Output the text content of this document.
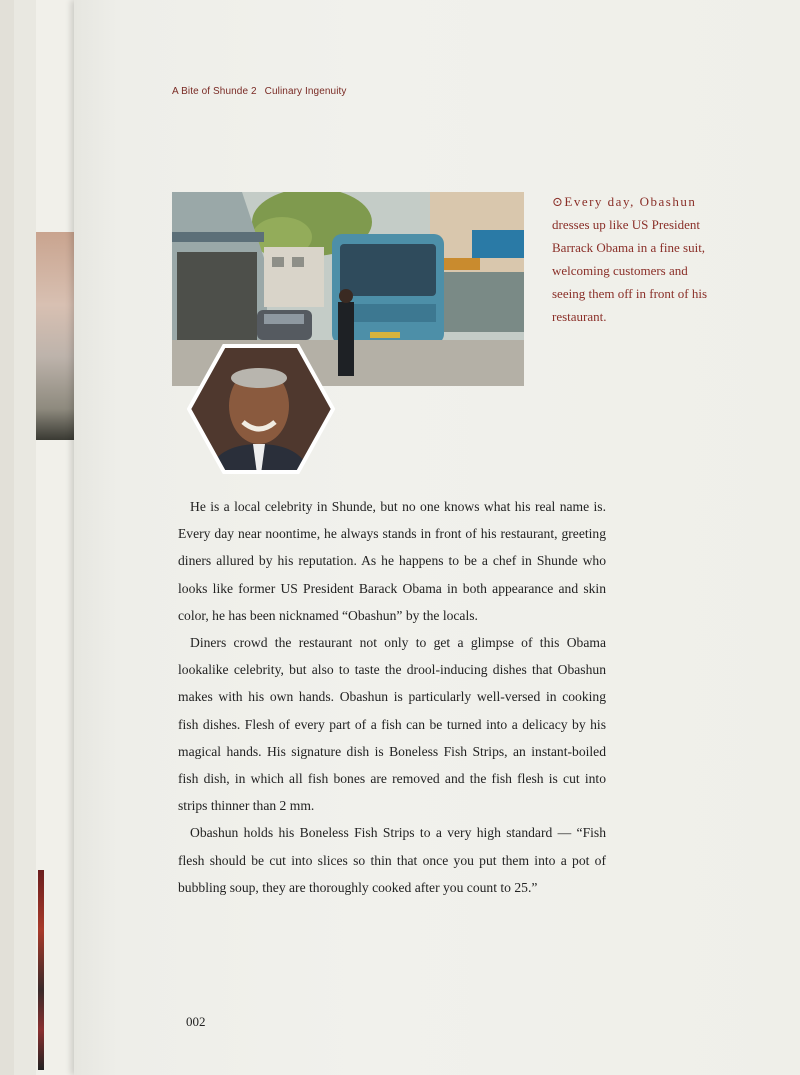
A Bite of Shunde 2 Culinary Ingenuity
⊙Every day, Obashun
dresses up like US President
Barrack Obama in a fine suit,
welcoming customers and
seeing them off in front of his
restaurant.

He is a local celebrity in Shunde, but no one knows what his real name is. Every day near noontime, he always stands in front of his restaurant, greeting diners allured by his reputation. As he happens to be a chef in Shunde who looks like former US President Barack Obama in both appearance and skin color, he has been nicknamed “Obashun” by the locals.

Diners crowd the restaurant not only to get a glimpse of this Obama lookalike celebrity, but also to taste the drool-inducing dishes that Obashun makes with his own hands. Obashun is particularly well-versed in cooking fish dishes. Flesh of every part of a fish can be turned into a delicacy by his magical hands. His signature dish is Boneless Fish Strips, an instant-boiled fish dish, in which all fish bones are removed and the fish flesh is cut into strips thinner than 2 mm.

Obashun holds his Boneless Fish Strips to a very high standard — “Fish flesh should be cut into slices so thin that once you put them into a pot of bubbling soup, they are thoroughly cooked after you count to 25.”

002
